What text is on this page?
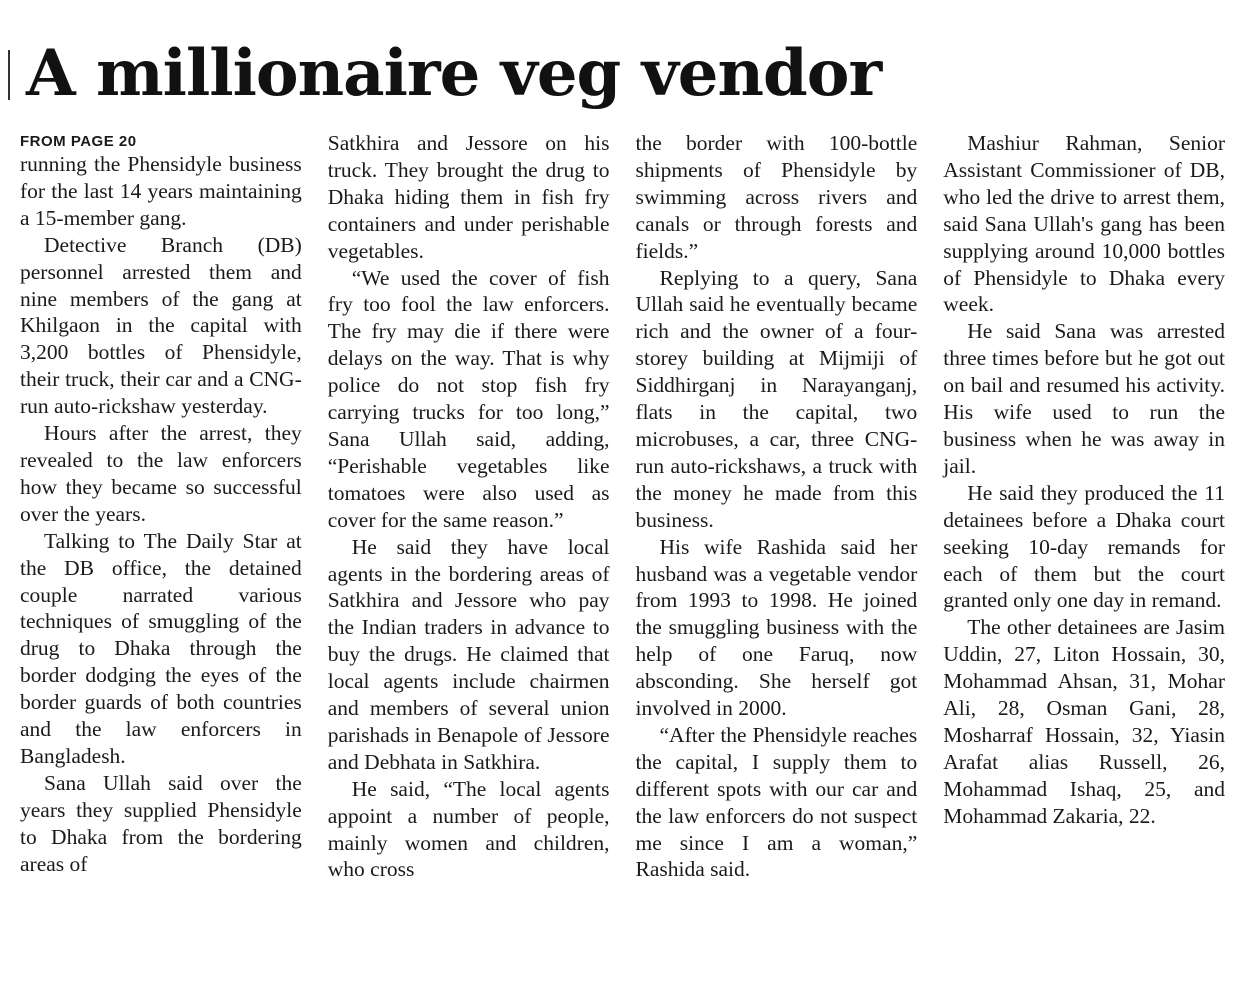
A millionaire veg vendor
FROM PAGE 20

running the Phensidyle business for the last 14 years maintaining a 15-member gang.

Detective Branch (DB) personnel arrested them and nine members of the gang at Khilgaon in the capital with 3,200 bottles of Phensidyle, their truck, their car and a CNG-run auto-rickshaw yesterday.

Hours after the arrest, they revealed to the law enforcers how they became so successful over the years.

Talking to The Daily Star at the DB office, the detained couple narrated various techniques of smuggling of the drug to Dhaka through the border dodging the eyes of the border guards of both countries and the law enforcers in Bangladesh.

Sana Ullah said over the years they supplied Phensidyle to Dhaka from the bordering areas of

Satkhira and Jessore on his truck. They brought the drug to Dhaka hiding them in fish fry containers and under perishable vegetables.

“We used the cover of fish fry too fool the law enforcers. The fry may die if there were delays on the way. That is why police do not stop fish fry carrying trucks for too long,” Sana Ullah said, adding, “Perishable vegetables like tomatoes were also used as cover for the same reason.”

He said they have local agents in the bordering areas of Satkhira and Jessore who pay the Indian traders in advance to buy the drugs. He claimed that local agents include chairmen and members of several union parishads in Benapole of Jessore and Debhata in Satkhira.

He said, “The local agents appoint a number of people, mainly women and children, who cross

the border with 100-bottle shipments of Phensidyle by swimming across rivers and canals or through forests and fields.”

Replying to a query, Sana Ullah said he eventually became rich and the owner of a four-storey building at Mijmiji of Siddhirganj in Narayanganj, flats in the capital, two microbuses, a car, three CNG-run auto-rickshaws, a truck with the money he made from this business.

His wife Rashida said her husband was a vegetable vendor from 1993 to 1998. He joined the smuggling business with the help of one Faruq, now absconding. She herself got involved in 2000.

“After the Phensidyle reaches the capital, I supply them to different spots with our car and the law enforcers do not suspect me since I am a woman,” Rashida said.

Mashiur Rahman, Senior Assistant Commissioner of DB, who led the drive to arrest them, said Sana Ullah's gang has been supplying around 10,000 bottles of Phensidyle to Dhaka every week.

He said Sana was arrested three times before but he got out on bail and resumed his activity. His wife used to run the business when he was away in jail.

He said they produced the 11 detainees before a Dhaka court seeking 10-day remands for each of them but the court granted only one day in remand.

The other detainees are Jasim Uddin, 27, Liton Hossain, 30, Mohammad Ahsan, 31, Mohar Ali, 28, Osman Gani, 28, Mosharraf Hossain, 32, Yiasin Arafat alias Russell, 26, Mohammad Ishaq, 25, and Mohammad Zakaria, 22.
